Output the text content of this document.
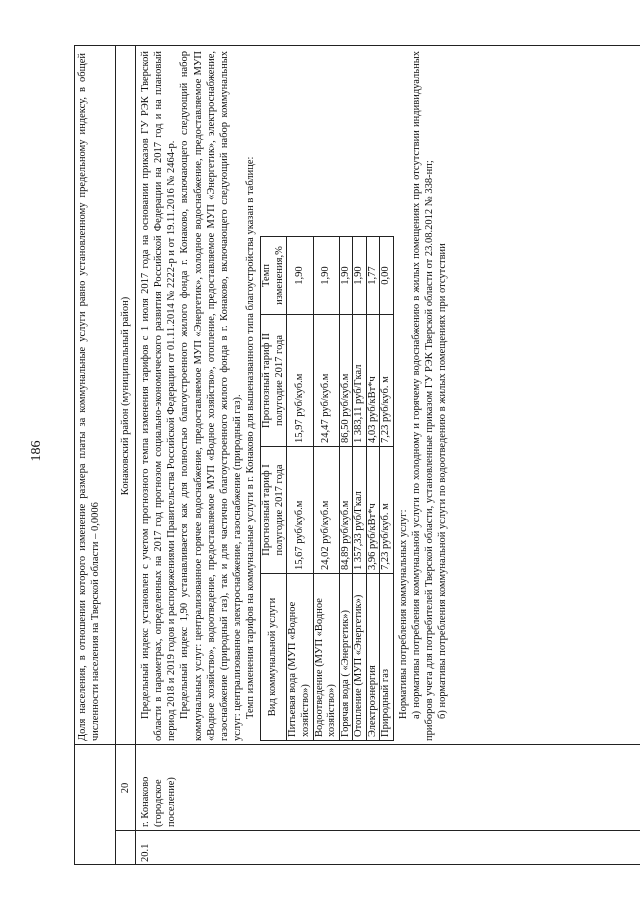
186	Доля населения, в отношении которого изменение размера платы за коммунальные услуги равно установленному предельному индексу, в общей численности населения на Тверской области – 0,0006

20
Конаковский район (муниципальный район)
20.1
г. Конаково (городское поселение)

Предельный индекс установлен с учетом прогнозного темпа изменения тарифов с 1 июля 2017 года на основании приказов ГУ РЭК Тверской области в параметрах, определенных на 2017 год прогнозом социально-экономического развития Российской Федерации на 2017 год и на плановый период 2018 и 2019 годов и распоряжениями Правительства Российской Федерации от 01.11.2014 № 2222-р и от 19.11.2016 № 2464-р. Предельный индекс 1,90 устанавливается как для полностью благоустроенного жилого фонда г. Конаково, включающего следующий набор коммунальных услуг: централизованное горячее водоснабжение, предоставляемое МУП «Энергетик», холодное водоснабжение, предоставляемое МУП «Водное хозяйство», водоотведение, предоставляемое МУП «Водное хозяйство», отопление, предоставляемое МУП «Энергетик», электроснабжение, газоснабжение (природный газ), так и для частично благоустроенного жилого фонда в г. Конаково, включающего следующий набор коммунальных услуг: централизованное электроснабжение, газоснабжение (природный газ). Темп изменения тарифов на коммунальные услуги в г. Конаково для вышеназванного типа благоустройства указан в таблице: Вид коммунальной услуги	Прогнозный тариф I полугодие 2017 года	Прогнозный тариф II полугодие 2017 года	Темп изменения,%
Питьевая вода (МУП «Водное хозяйство»)	15,67 руб/куб.м	15,97 руб/куб.м	1,90
Водоотведение (МУП «Водное хозяйство»)	24,02 руб/куб.м	24,47 руб/куб.м	1,90
Горячая вода ( «Энергетик»)	84,89 руб/куб.м	86,50 руб/куб.м	1,90
Отопление (МУП «Энергетик»)	1 357,33 руб/Гкал	1 383,11 руб/Гкал	1,90
Электроэнергия	3,96 руб/кВт*ч	4,03 руб/кВт*ч	1,77
Природный газ	7,23 руб/куб. м	7,23 руб/куб. м	0,00

Нормативы потребления коммунальных услуг: а) нормативы потребления коммунальной услуги по холодному и горячему водоснабжению в жилых помещениях при отсутствии индивидуальных приборов учета для потребителей Тверской области, установленные приказом ГУ РЭК Тверской области от 23.08.2012 № 338-нп; б) нормативы потребления коммунальной услуги по водоотведению в жилых помещениях при отсутствии
